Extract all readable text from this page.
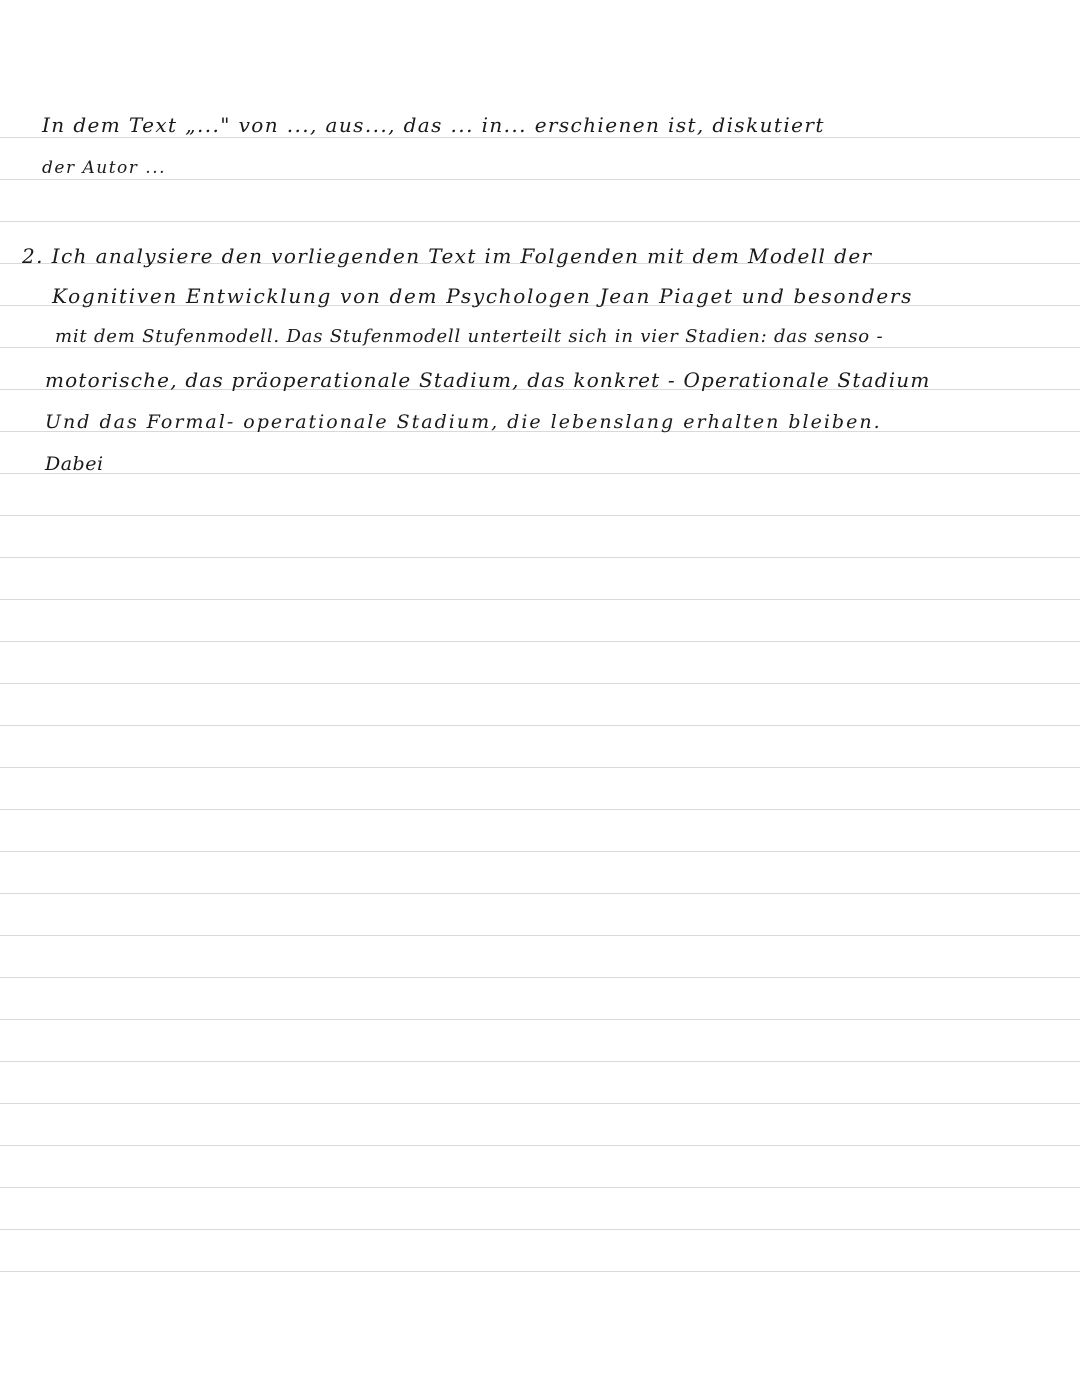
In dem Text „..." von ..., aus..., das ... in... erschienen ist, diskutiert

der Autor ...

2. Ich analysiere den vorliegenden Text im Folgenden mit dem Modell der

Kognitiven Entwicklung von dem Psychologen Jean Piaget und besonders

mit dem Stufenmodell. Das Stufenmodell unterteilt sich in vier Stadien: das senso -

motorische, das präoperationale Stadium, das konkret - Operationale Stadium

Und das Formal- operationale Stadium, die lebenslang erhalten bleiben.

Dabei
